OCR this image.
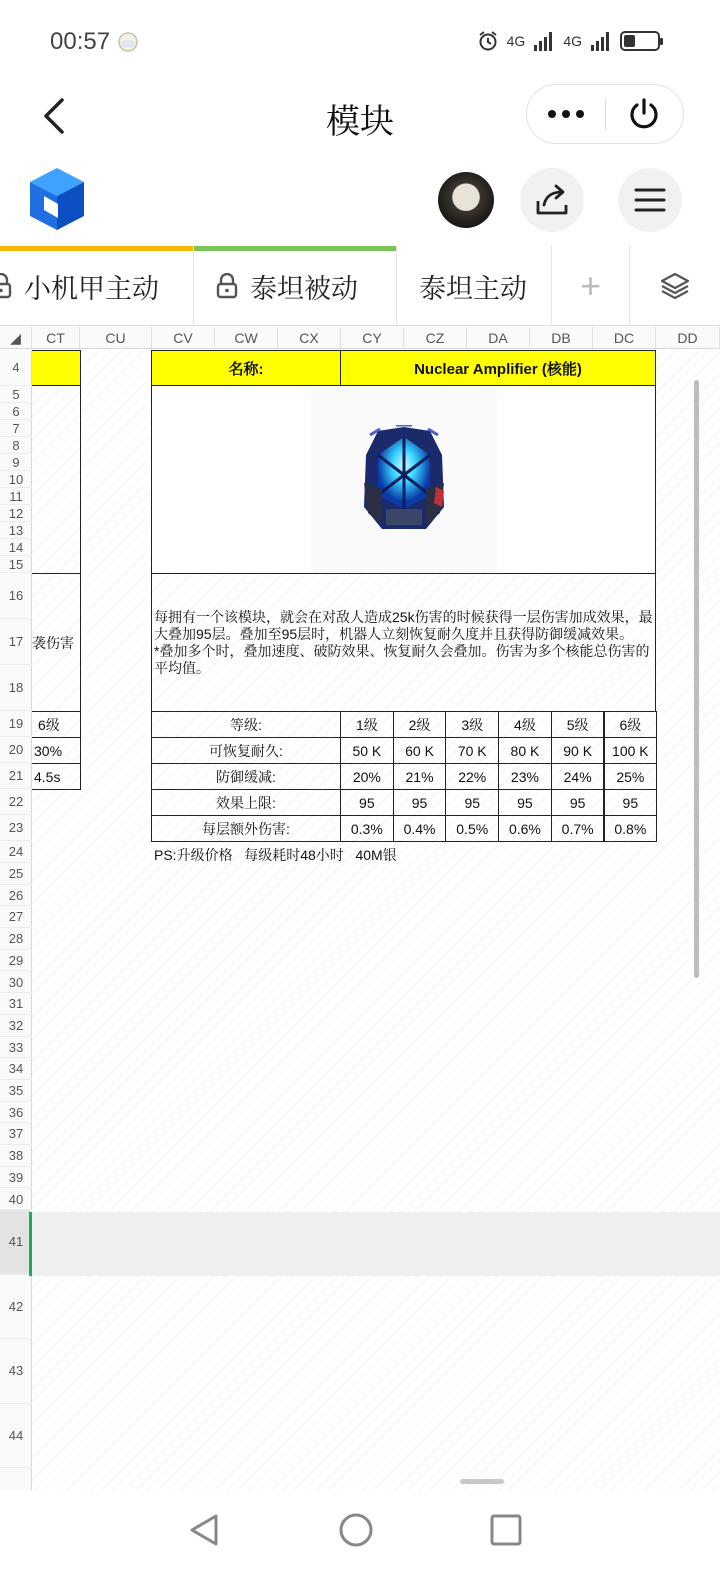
00:57	4G	4G
模块
小机甲主动	泰坦被动 泰坦主动 +
◢	CT	CU	CV	CW	CX	CY	CZ	DA	DB	DC	DD
4
5
6
7
8
9
10
11
12
13
14
15
16
17
18
19
20
21
22
23
24
25
26
27
28
29
30
31
32
33
34
35
36
37
38
39
40
41
42
43
44
袭伤害
6级
30%
4.5s
名称:	Nuclear Amplifier (核能)
每拥有一个该模块，就会在对敌人造成25k伤害的时候获得一层伤害加成效果，最大叠加95层。叠加至95层时，机器人立刻恢复耐久度并且获得防御缓减效果。
*叠加多个时，叠加速度、破防效果、恢复耐久会叠加。伤害为多个核能总伤害的平均值。
等级:	1级 2级 3级 4级 5级 6级
可恢复耐久:	50 K 60 K 70 K 80 K 90 K 100 K
防御缓减:	20% 21% 22% 23% 24% 25%
效果上限:	95	95	95	95	95	95
每层额外伤害:	0.3% 0.4% 0.5% 0.6% 0.7% 0.8%
PS:升级价格   每级耗时48小时   40M银
